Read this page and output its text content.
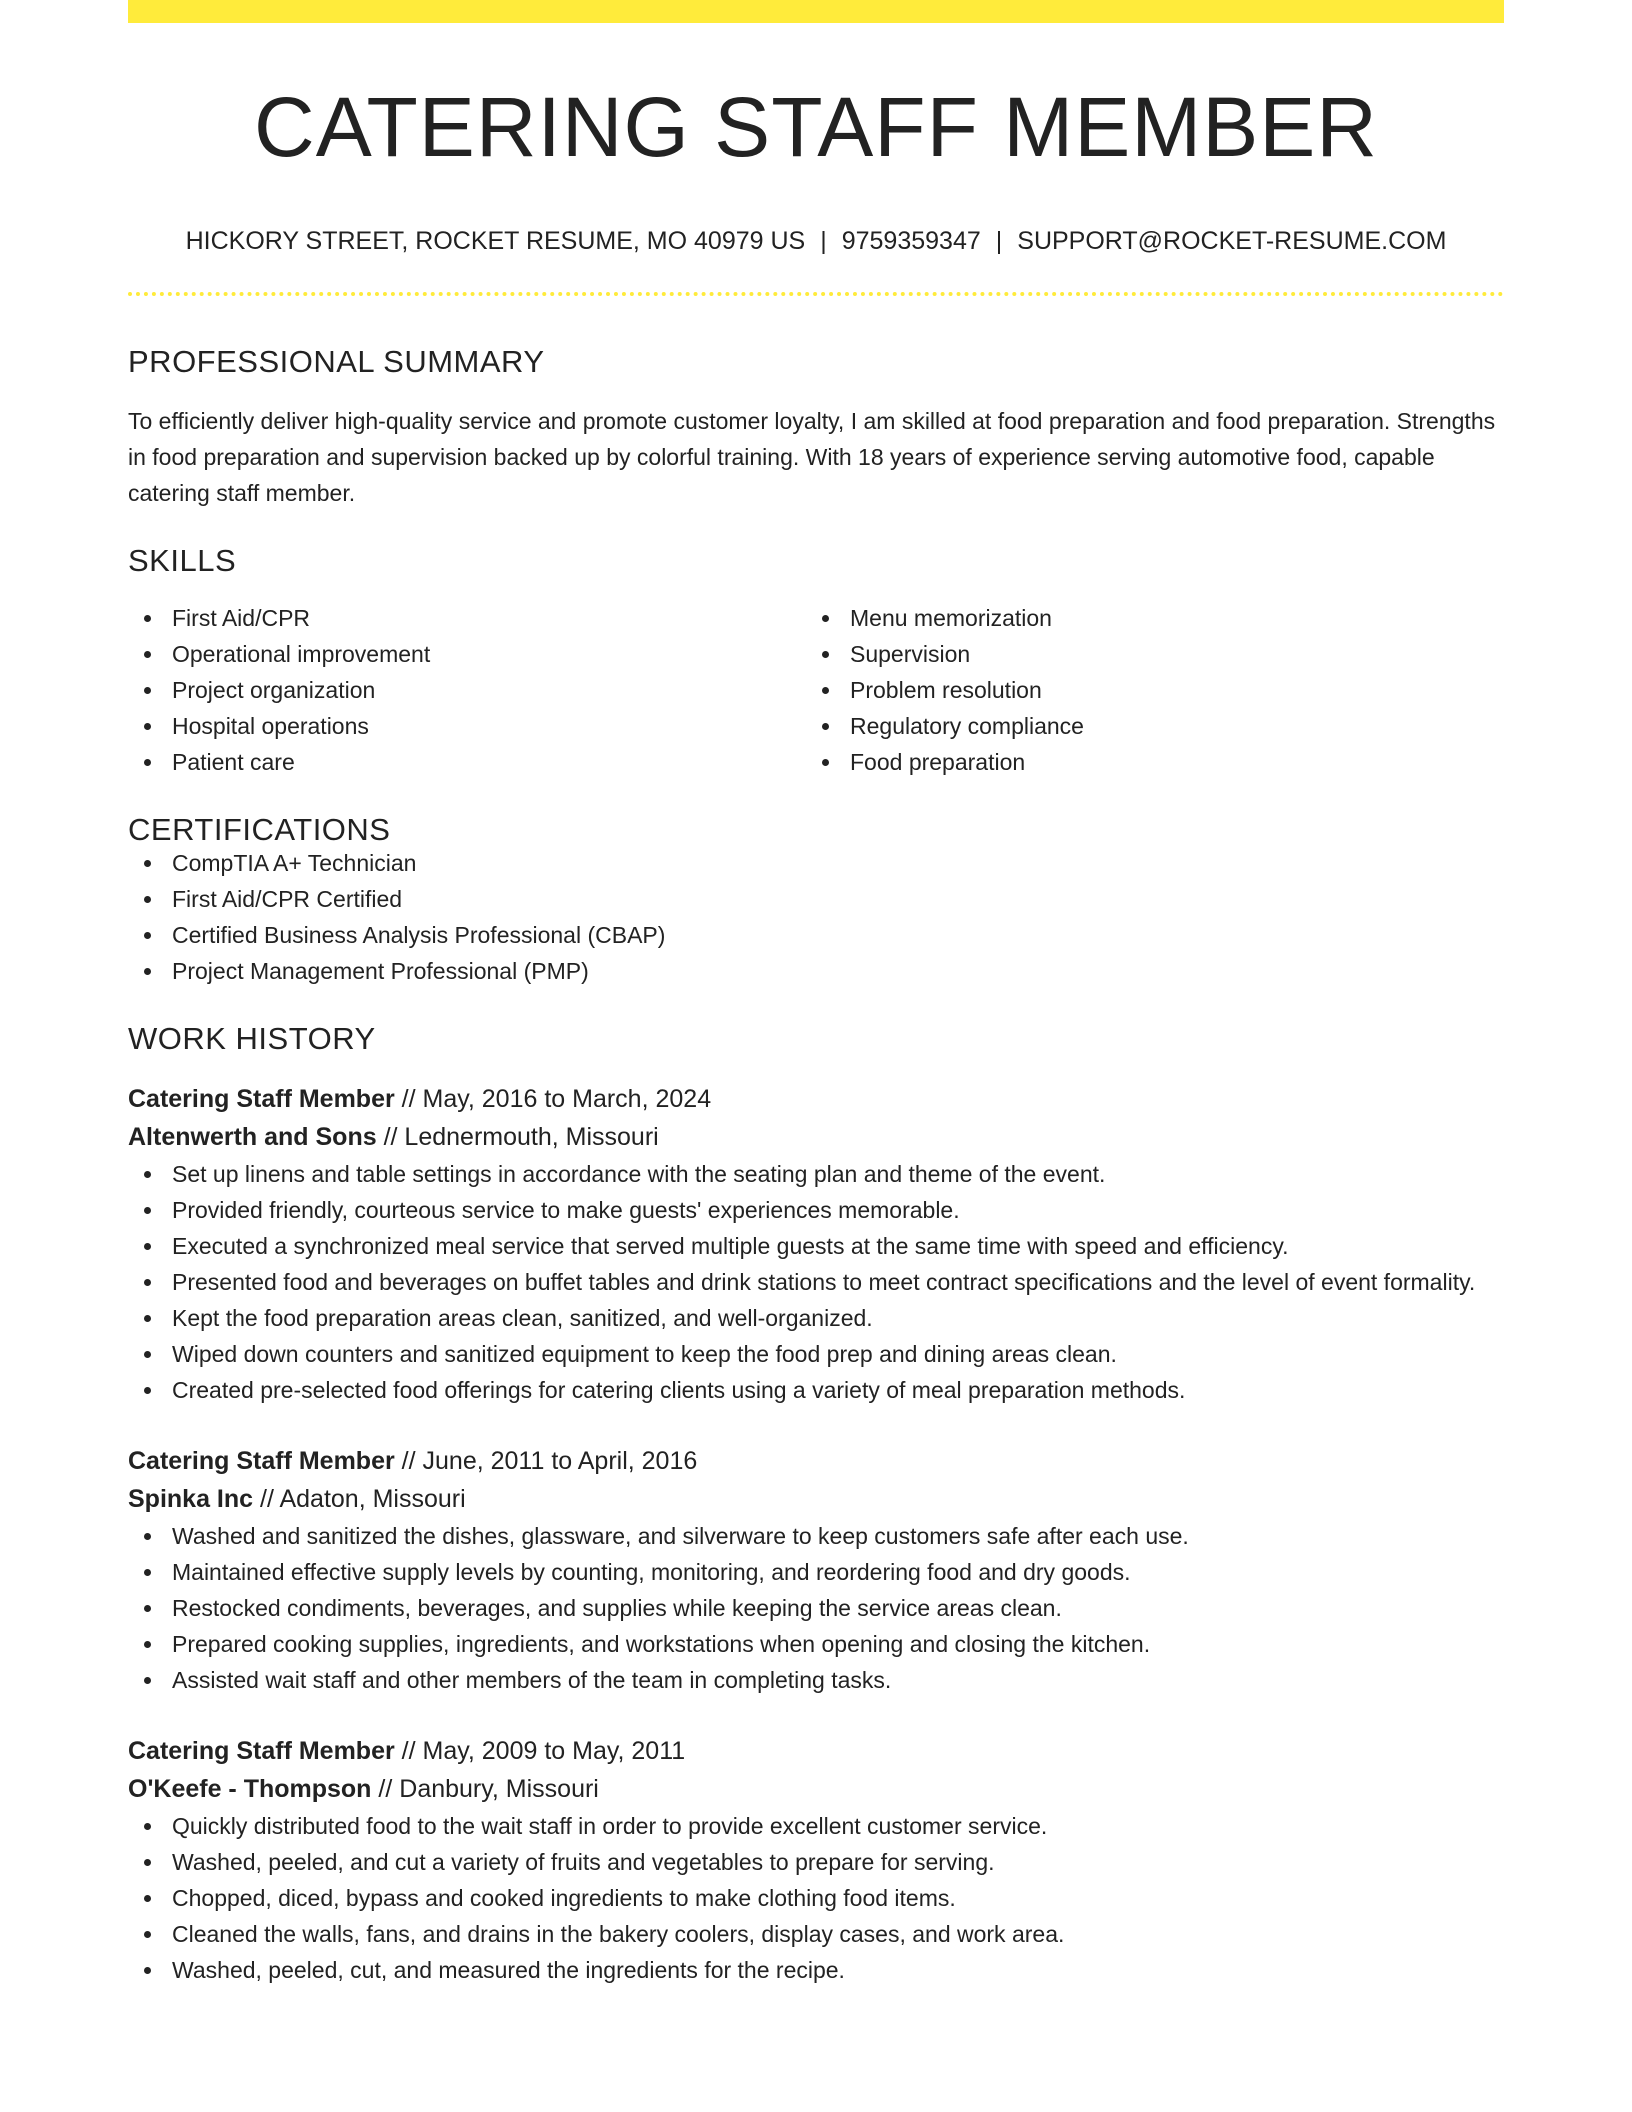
CATERING STAFF MEMBER
HICKORY STREET, ROCKET RESUME, MO 40979 US | 9759359347 | SUPPORT@ROCKET-RESUME.COM
PROFESSIONAL SUMMARY

To efficiently deliver high-quality service and promote customer loyalty, I am skilled at food preparation and food preparation. Strengths in food preparation and supervision backed up by colorful training. With 18 years of experience serving automotive food, capable catering staff member.

SKILLS
First Aid/CPR
Operational improvement
Project organization
Hospital operations
Patient care
Menu memorization
Supervision
Problem resolution
Regulatory compliance
Food preparation
CERTIFICATIONS
CompTIA A+ Technician
First Aid/CPR Certified
Certified Business Analysis Professional (CBAP)
Project Management Professional (PMP)
WORK HISTORY
Catering Staff Member // May, 2016 to March, 2024
Altenwerth and Sons // Lednermouth, Missouri
Set up linens and table settings in accordance with the seating plan and theme of the event.
Provided friendly, courteous service to make guests' experiences memorable.
Executed a synchronized meal service that served multiple guests at the same time with speed and efficiency.
Presented food and beverages on buffet tables and drink stations to meet contract specifications and the level of event formality.
Kept the food preparation areas clean, sanitized, and well-organized.
Wiped down counters and sanitized equipment to keep the food prep and dining areas clean.
Created pre-selected food offerings for catering clients using a variety of meal preparation methods.
Catering Staff Member // June, 2011 to April, 2016
Spinka Inc // Adaton, Missouri
Washed and sanitized the dishes, glassware, and silverware to keep customers safe after each use.
Maintained effective supply levels by counting, monitoring, and reordering food and dry goods.
Restocked condiments, beverages, and supplies while keeping the service areas clean.
Prepared cooking supplies, ingredients, and workstations when opening and closing the kitchen.
Assisted wait staff and other members of the team in completing tasks.
Catering Staff Member // May, 2009 to May, 2011
O'Keefe - Thompson // Danbury, Missouri
Quickly distributed food to the wait staff in order to provide excellent customer service.
Washed, peeled, and cut a variety of fruits and vegetables to prepare for serving.
Chopped, diced, bypass and cooked ingredients to make clothing food items.
Cleaned the walls, fans, and drains in the bakery coolers, display cases, and work area.
Washed, peeled, cut, and measured the ingredients for the recipe.
